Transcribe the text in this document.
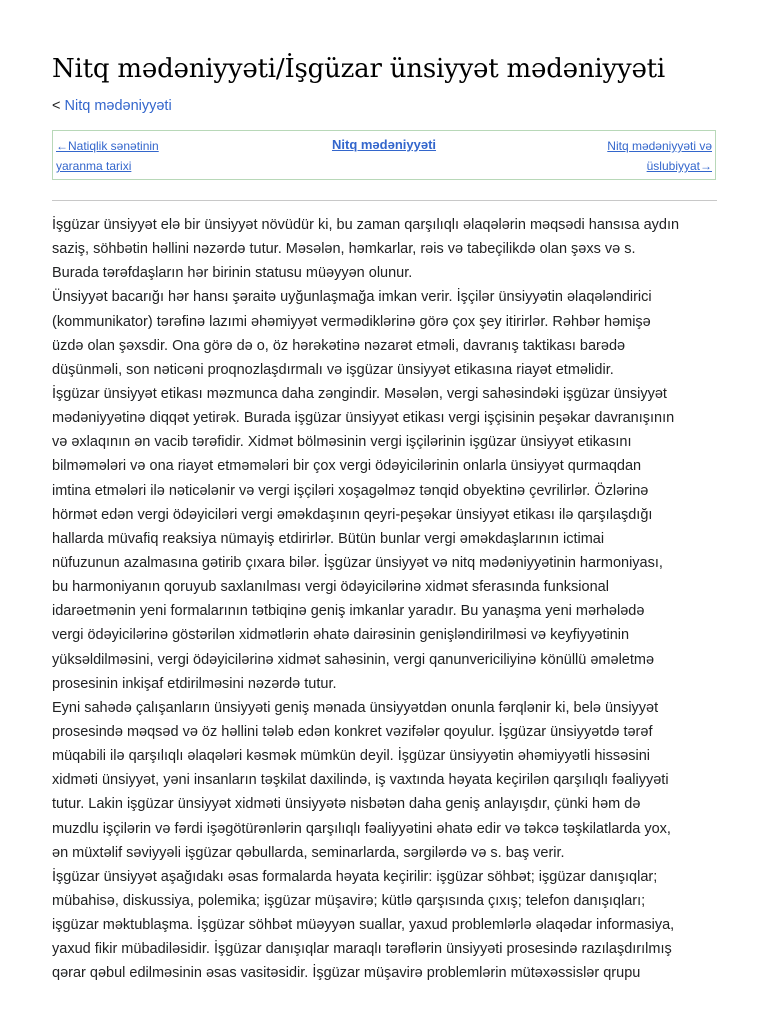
Nitq mədəniyyəti/İşgüzar ünsiyyət mədəniyyəti
< Nitq mədəniyyəti
←Natiqlik sənətinin
yaranma tarixi
Nitq mədəniyyəti	Nitq mədəniyyəti və
üslubiyyat→
İşgüzar ünsiyyət elə bir ünsiyyət növüdür ki, bu zaman qarşılıqlı əlaqələrin məqsədi hansısa aydın
saziş, söhbətin həllini nəzərdə tutur. Məsələn, həmkarlar, rəis və tabeçilikdə olan şəxs və s.
Burada tərəfdaşların hər birinin statusu müəyyən olunur.
Ünsiyyət bacarığı hər hansı şəraitə uyğunlaşmağa imkan verir. İşçilər ünsiyyətin əlaqələndirici
(kommunikator) tərəfinə lazımi əhəmiyyət vermədiklərinə görə çox şey itirirlər. Rəhbər həmişə
üzdə olan şəxsdir. Ona görə də o, öz hərəkətinə nəzarət etməli, davranış taktikası barədə
düşünməli, son nəticəni proqnozlaşdırmalı və işgüzar ünsiyyət etikasına riayət etməlidir.
İşgüzar ünsiyyət etikası məzmunca daha zəngindir. Məsələn, vergi sahəsindəki işgüzar ünsiyyət
mədəniyyətinə diqqət yetirək. Burada işgüzar ünsiyyət etikası vergi işçisinin peşəkar davranışının
və əxlaqının ən vacib tərəfidir. Xidmət bölməsinin vergi işçilərinin işgüzar ünsiyyət etikasını
bilməmələri və ona riayət etməmələri bir çox vergi ödəyicilərinin onlarla ünsiyyət qurmaqdan
imtina etmələri ilə nəticələnir və vergi işçiləri xoşagəlməz tənqid obyektinə çevrilirlər. Özlərinə
hörmət edən vergi ödəyiciləri vergi əməkdaşının qeyri-peşəkar ünsiyyət etikası ilə qarşılaşdığı
hallarda müvafiq reaksiya nümayiş etdirirlər. Bütün bunlar vergi əməkdaşlarının ictimai
nüfuzunun azalmasına gətirib çıxara bilər. İşgüzar ünsiyyət və nitq mədəniyyətinin harmoniyası,
bu harmoniyanın qoruyub saxlanılması vergi ödəyicilərinə xidmət sferasında funksional
idarəetmənin yeni formalarının tətbiqinə geniş imkanlar yaradır. Bu yanaşma yeni mərhələdə
vergi ödəyicilərinə göstərilən xidmətlərin əhatə dairəsinin genişləndirilməsi və keyfiyyətinin
yüksəldilməsini, vergi ödəyicilərinə xidmət sahəsinin, vergi qanunvericiliyinə könüllü əməletmə
prosesinin inkişaf etdirilməsini nəzərdə tutur.
Eyni sahədə çalışanların ünsiyyəti geniş mənada ünsiyyətdən onunla fərqlənir ki, belə ünsiyyət
prosesində məqsəd və öz həllini tələb edən konkret vəzifələr qoyulur. İşgüzar ünsiyyətdə tərəf
müqabili ilə qarşılıqlı əlaqələri kəsmək mümkün deyil. İşgüzar ünsiyyətin əhəmiyyətli hissəsini
xidməti ünsiyyət, yəni insanların təşkilat daxilində, iş vaxtında həyata keçirilən qarşılıqlı fəaliyyəti
tutur. Lakin işgüzar ünsiyyət xidməti ünsiyyətə nisbətən daha geniş anlayışdır, çünki həm də
muzdlu işçilərin və fərdi işəgötürənlərin qarşılıqlı fəaliyyətini əhatə edir və təkcə təşkilatlarda yox,
ən müxtəlif səviyyəli işgüzar qəbullarda, seminarlarda, sərgilərdə və s. baş verir.
İşgüzar ünsiyyət aşağıdakı əsas formalarda həyata keçirilir: işgüzar söhbət; işgüzar danışıqlar;
mübahisə, diskussiya, polemika; işgüzar müşavirə; kütlə qarşısında çıxış; telefon danışıqları;
işgüzar məktublaşma. İşgüzar söhbət müəyyən suallar, yaxud problemlərlə əlaqədar informasiya,
yaxud fikir mübadiləsidir. İşgüzar danışıqlar maraqlı tərəflərin ünsiyyəti prosesində razılaşdırılmış
qərar qəbul edilməsinin əsas vasitəsidir. İşgüzar müşavirə problemlərin mütəxəssislər qrupu
